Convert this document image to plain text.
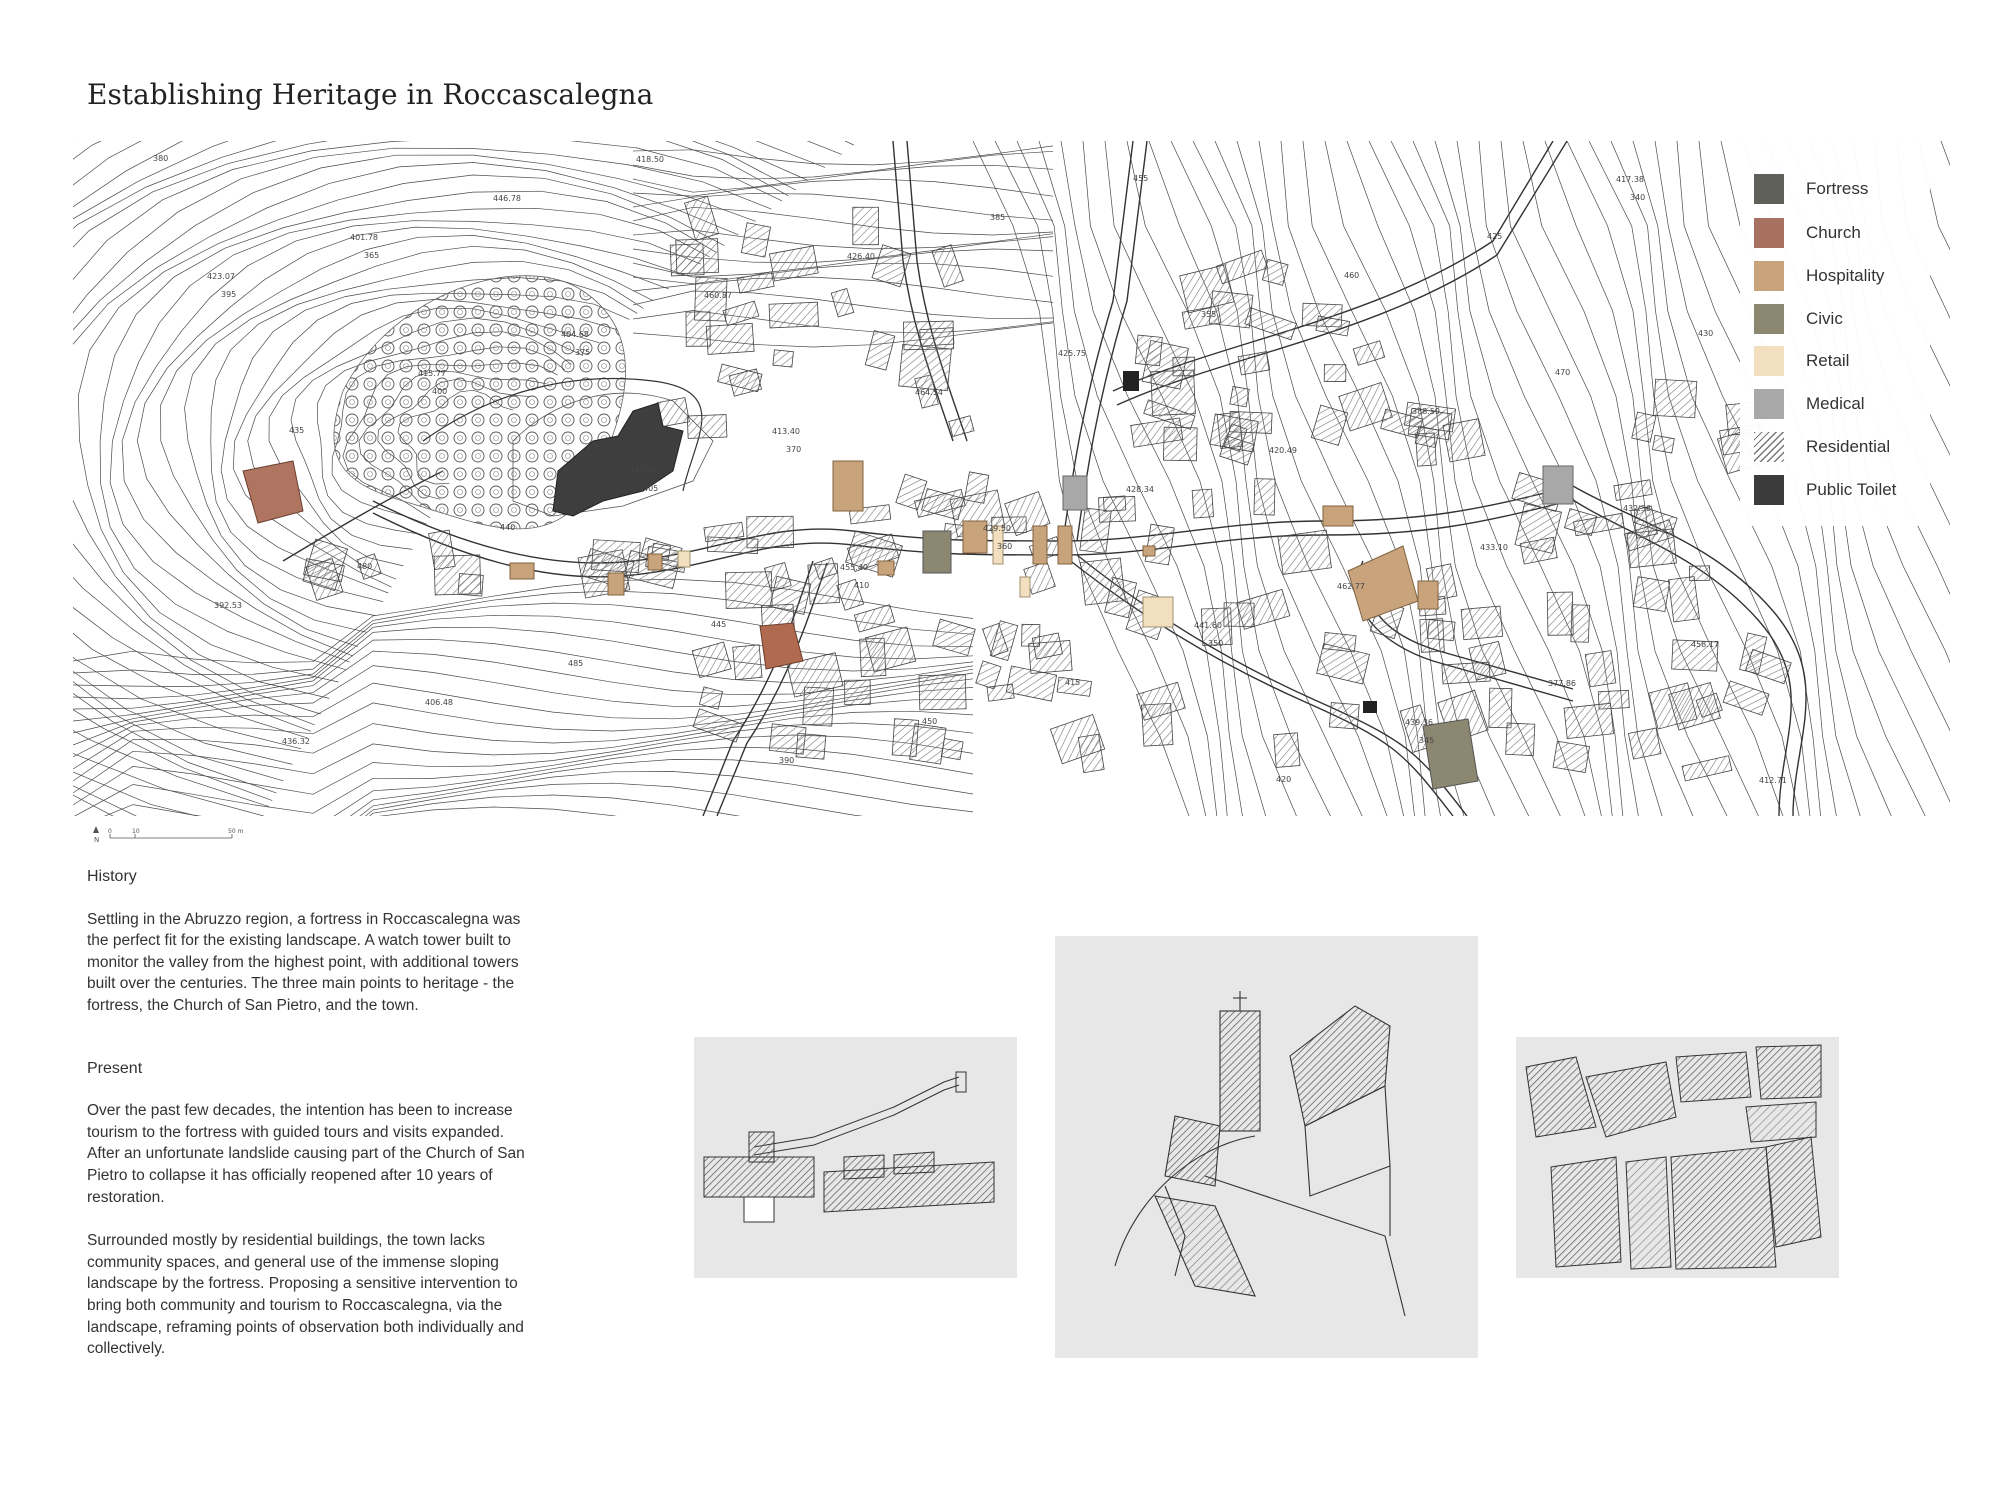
Establishing Heritage in Roccascalegna
380
365
375
370
360
350
345
340
395
400
405
410
415
420
425
430
435
440
445
450
455
460
470
480
485
390
385
355
388.59
432.36
392.53
406.48
418.50
426.40
425.75
420.49
433.10
458.17
436.32
446.78
460.87
464.54
428.34
462.77
377.86
412.71
401.78
404.68
413.40
429.50
441.60
439.36
417.38
423.07
415.77
449.98
455.40
Fortress
Church
Hospitality
Civic
Retail
Medical
Residential
Public Toilet
N
0	10	50 m
History

Settling in the Abruzzo region, a fortress in Roccascalegna was the perfect fit for the existing landscape. A watch tower built to monitor the valley from the highest point, with additional towers built over the centuries. The three main points to heritage - the fortress, the Church of San Pietro, and the town.

Present

Over the past few decades, the intention has been to increase tourism to the fortress with guided tours and visits expanded. After an unfortunate landslide causing part of the Church of San Pietro to collapse it has officially reopened after 10 years of restoration.

Surrounded mostly by residential buildings, the town lacks community spaces, and general use of the immense sloping landscape by the fortress. Proposing a sensitive intervention to bring both community and tourism to Roccascalegna, via the landscape, reframing points of observation both individually and collectively.
